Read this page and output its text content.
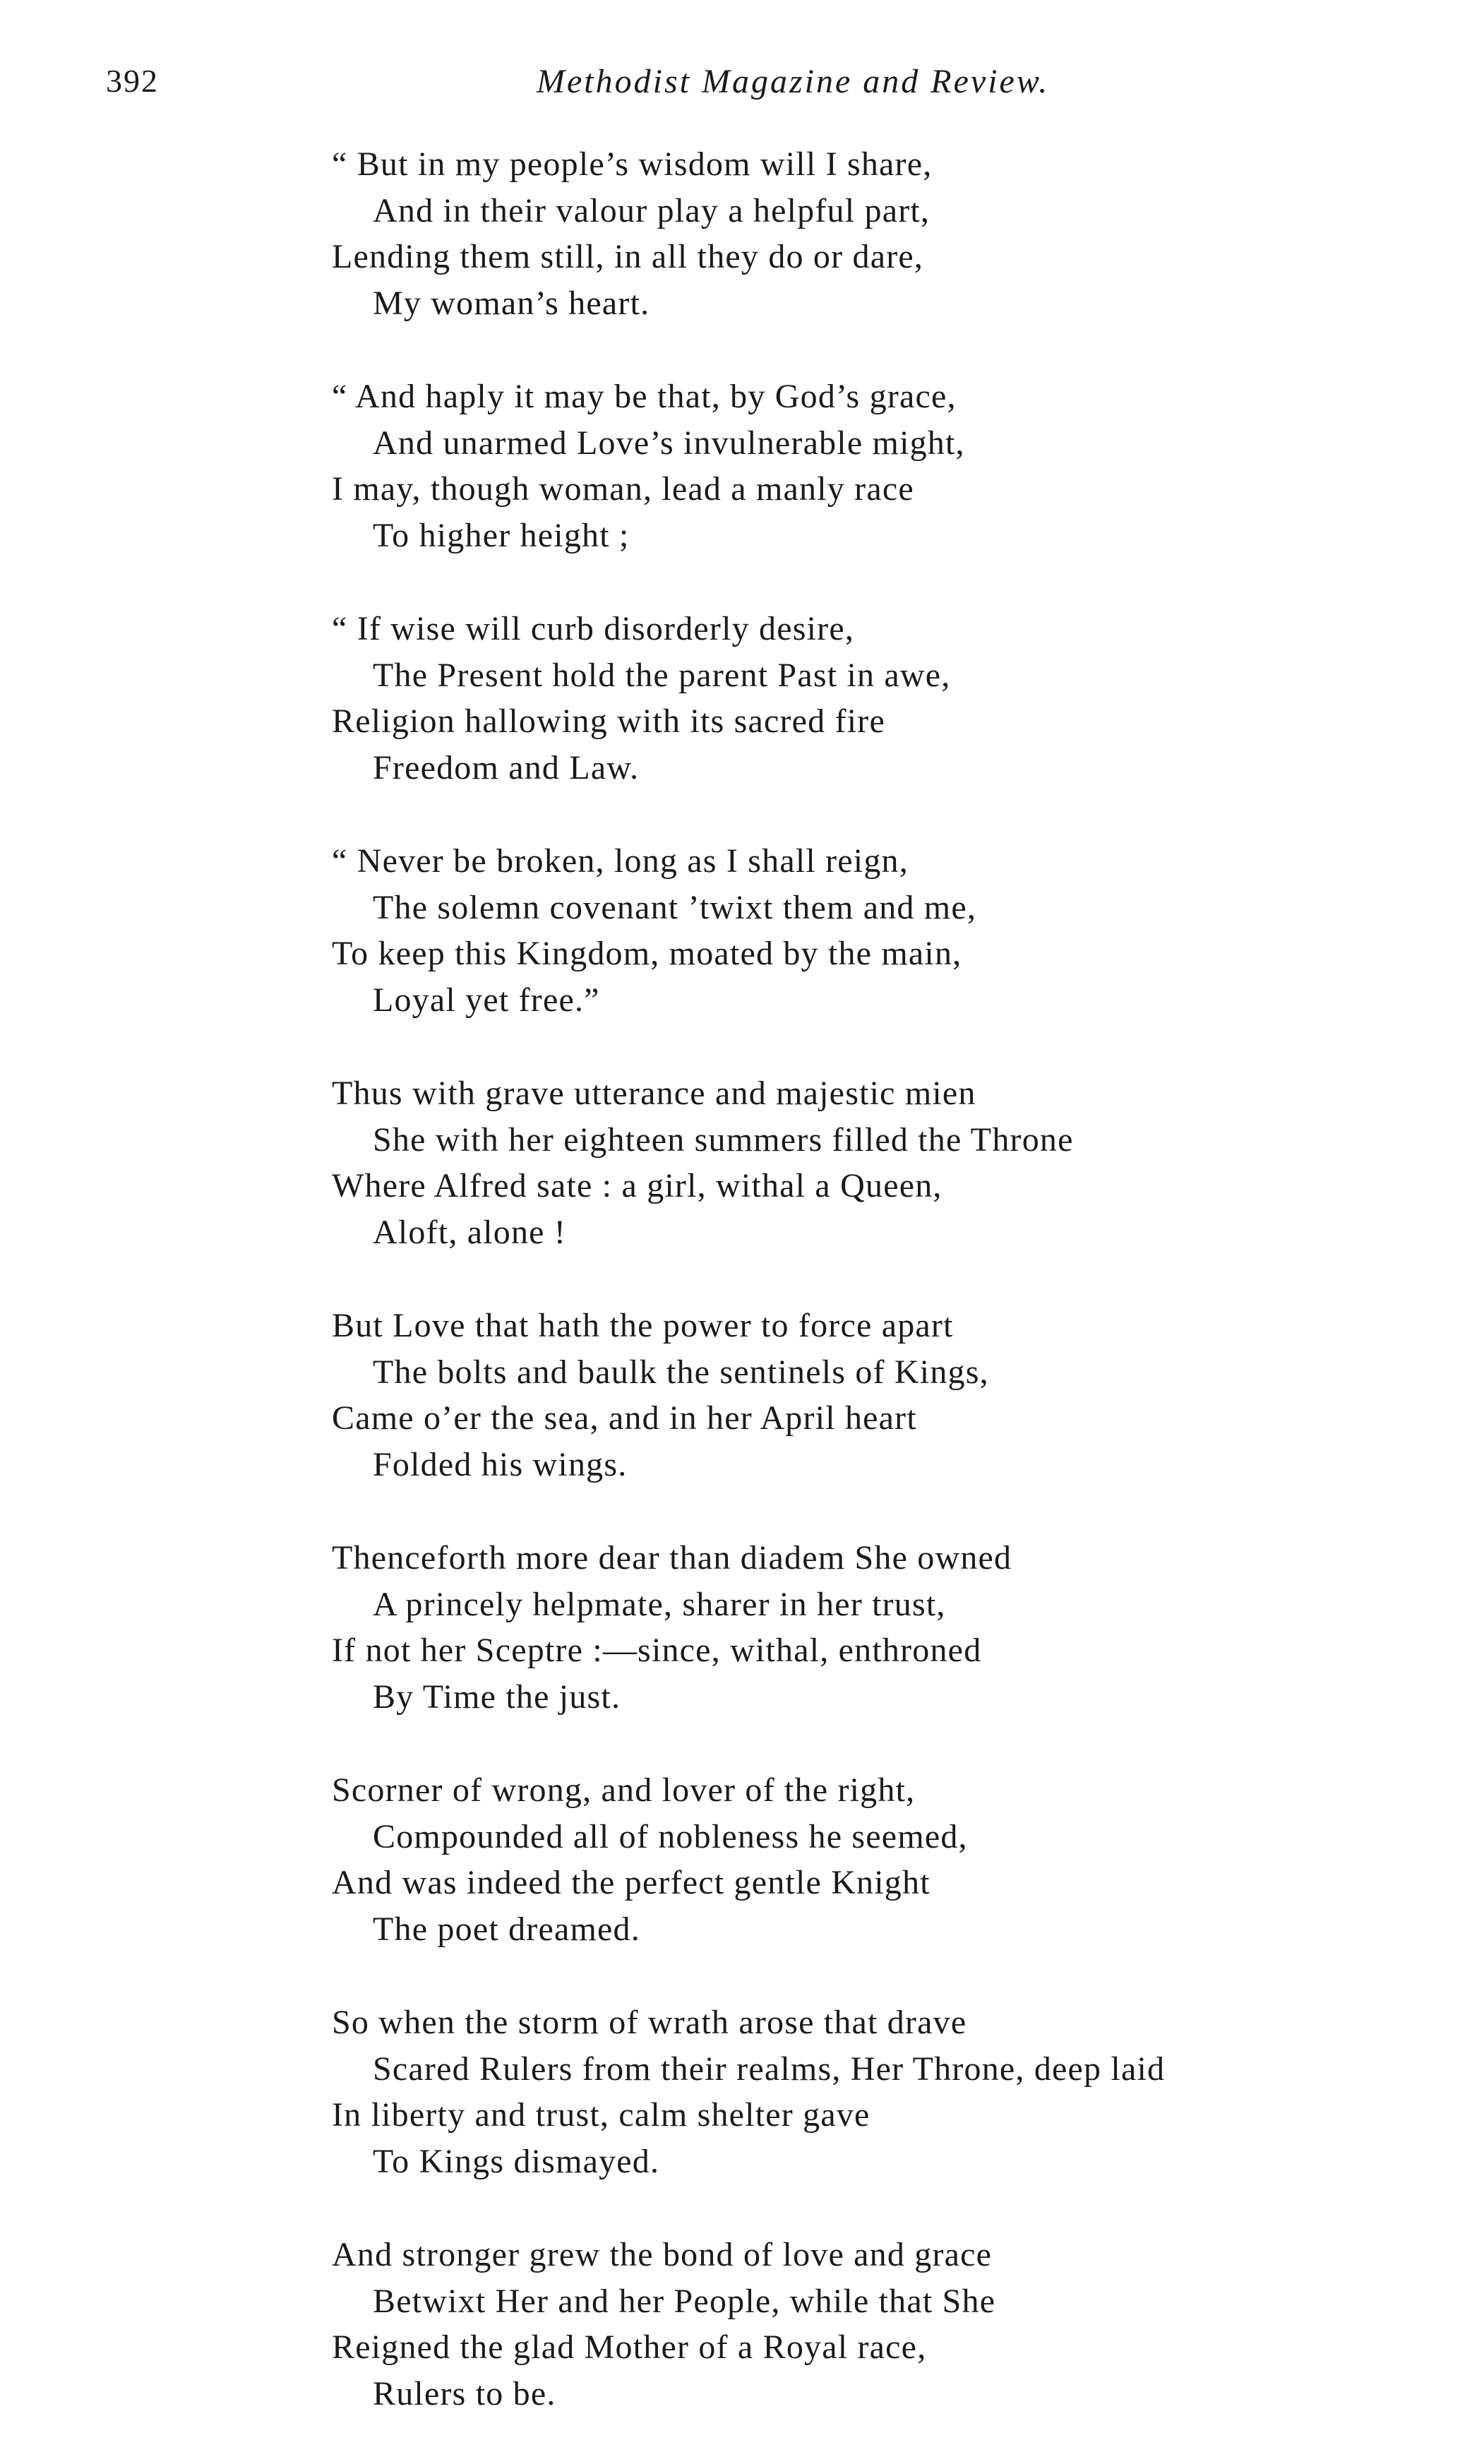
392	Methodist Magazine and Review.
“ But in my people’s wisdom will I share,
And in their valour play a helpful part,
Lending them still, in all they do or dare,
My woman’s heart.
“ And haply it may be that, by God’s grace,
And unarmed Love’s invulnerable might,
I may, though woman, lead a manly race
To higher height ;
“ If wise will curb disorderly desire,
The Present hold the parent Past in awe,
Religion hallowing with its sacred fire
Freedom and Law.
“ Never be broken, long as I shall reign,
The solemn covenant ’twixt them and me,
To keep this Kingdom, moated by the main,
Loyal yet free.”
Thus with grave utterance and majestic mien
She with her eighteen summers filled the Throne
Where Alfred sate : a girl, withal a Queen,
Aloft, alone !
But Love that hath the power to force apart
The bolts and baulk the sentinels of Kings,
Came o’er the sea, and in her April heart
Folded his wings.
Thenceforth more dear than diadem She owned
A princely helpmate, sharer in her trust,
If not her Sceptre :—since, withal, enthroned
By Time the just.
Scorner of wrong, and lover of the right,
Compounded all of nobleness he seemed,
And was indeed the perfect gentle Knight
The poet dreamed.
So when the storm of wrath arose that drave
Scared Rulers from their realms, Her Throne, deep laid
In liberty and trust, calm shelter gave
To Kings dismayed.
And stronger grew the bond of love and grace
Betwixt Her and her People, while that She
Reigned the glad Mother of a Royal race,
Rulers to be.
